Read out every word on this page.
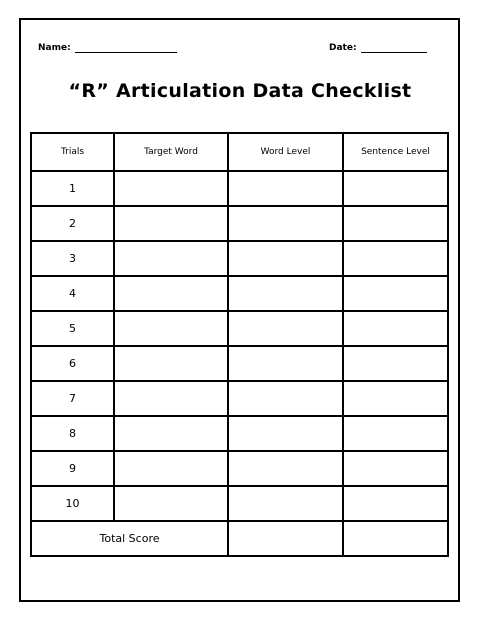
Name:	Date:
“R” Articulation Data Checklist
Trials	Target Word	Word Level	Sentence Level
1			
2			
3			
4			
5			
6			
7			
8			
9			
10			
Total Score			
